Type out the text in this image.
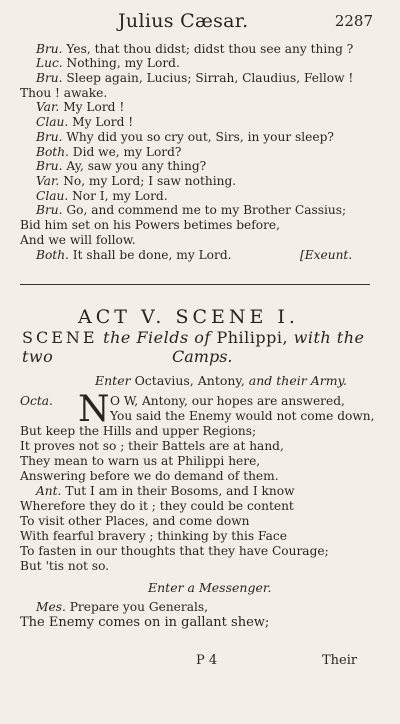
Julius Cæsar.	2287
Bru. Yes, that thou didst; didst thou see any thing ?
Luc. Nothing, my Lord.
Bru. Sleep again, Lucius; Sirrah, Claudius, Fellow !
Thou ! awake.
Var. My Lord !
Clau. My Lord !
Bru. Why did you so cry out, Sirs, in your sleep?
Both. Did we, my Lord?
Bru. Ay, saw you any thing?
Var. No, my Lord; I saw nothing.
Clau. Nor I, my Lord.
Bru. Go, and commend me to my Brother Cassius;
Bid him set on his Powers betimes before,
And we will follow.
Both. It shall be done, my Lord.	[Exeunt.
ACT V. SCENE I.
SCENE the Fields of Philippi, with the two	Camps.
Enter Octavius, Antony, and their Army.
Octa. N O W, Antony, our hopes are answered,
You said the Enemy would not come down,
But keep the Hills and upper Regions;
It proves not so ; their Battels are at hand,
They mean to warn us at Philippi here,
Answering before we do demand of them.
Ant. Tut I am in their Bosoms, and I know
Wherefore they do it ; they could be content
To visit other Places, and come down
With fearful bravery ; thinking by this Face
To fasten in our thoughts that they have Courage;
But 'tis not so.
Enter a Messenger.
Mes. Prepare you Generals,
The Enemy comes on in gallant shew;
P 4	Their
